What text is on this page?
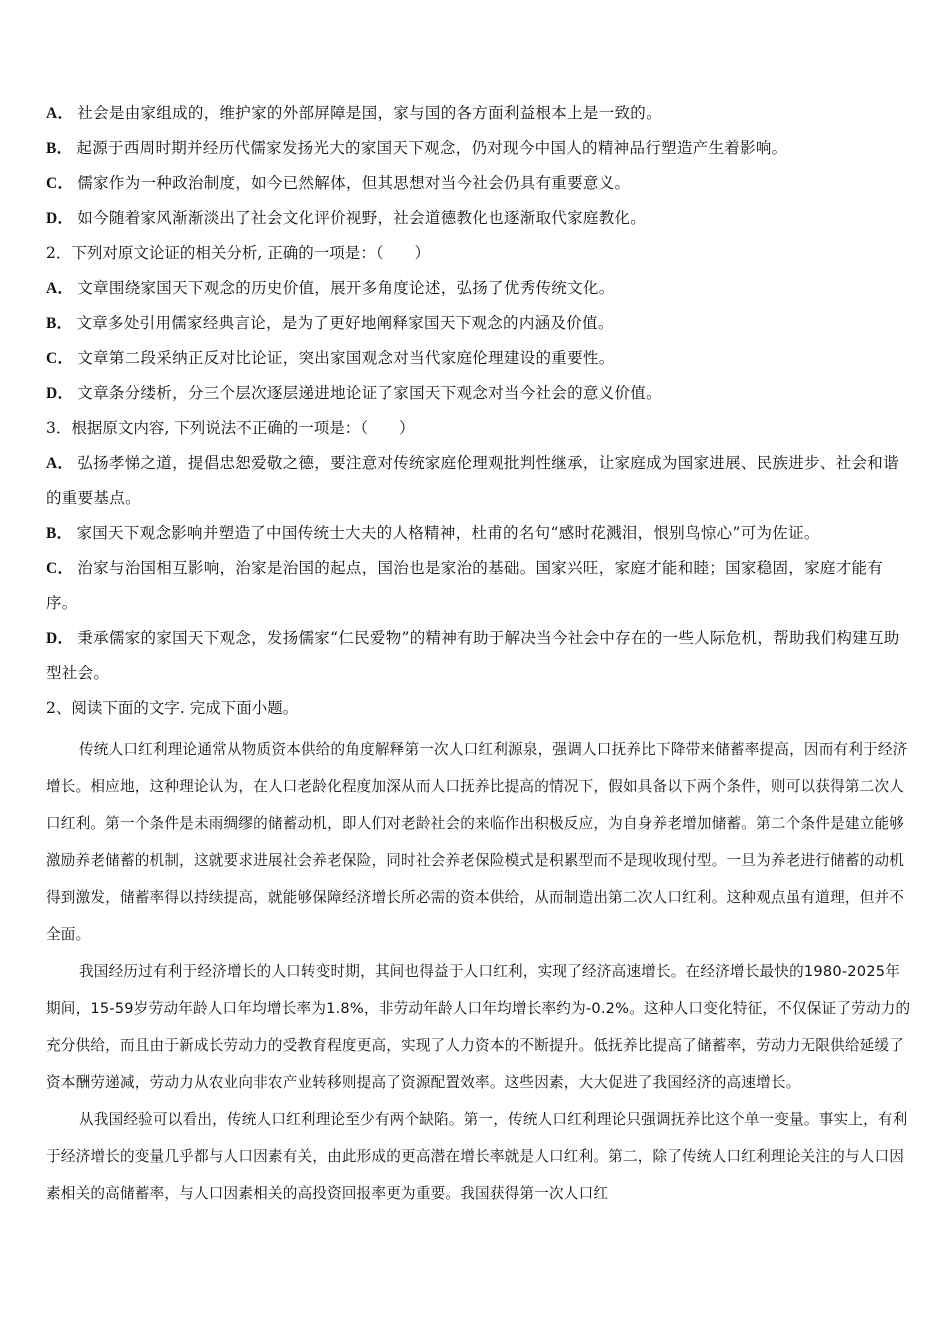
A． 社会是由家组成的，维护家的外部屏障是国，家与国的各方面利益根本上是一致的。
B． 起源于西周时期并经历代儒家发扬光大的家国天下观念，仍对现今中国人的精神品行塑造产生着影响。
C． 儒家作为一种政治制度，如今已然解体，但其思想对当今社会仍具有重要意义。
D． 如今随着家风渐渐淡出了社会文化评价视野，社会道德教化也逐渐取代家庭教化。
2．下列对原文论证的相关分析, 正确的一项是：（　　）
A． 文章围绕家国天下观念的历史价值，展开多角度论述，弘扬了优秀传统文化。
B． 文章多处引用儒家经典言论，是为了更好地阐释家国天下观念的内涵及价值。
C． 文章第二段采纳正反对比论证，突出家国观念对当代家庭伦理建设的重要性。
D． 文章条分缕析，分三个层次逐层递进地论证了家国天下观念对当今社会的意义价值。
3．根据原文内容, 下列说法不正确的一项是：（　　）
A． 弘扬孝悌之道，提倡忠恕爱敬之德，要注意对传统家庭伦理观批判性继承，让家庭成为国家进展、民族进步、社会和谐的重要基点。
B． 家国天下观念影响并塑造了中国传统士大夫的人格精神，杜甫的名句“感时花溅泪，恨别鸟惊心”可为佐证。
C． 治家与治国相互影响，治家是治国的起点，国治也是家治的基础。国家兴旺，家庭才能和睦；国家稳固，家庭才能有序。
D． 秉承儒家的家国天下观念，发扬儒家“仁民爱物”的精神有助于解决当今社会中存在的一些人际危机，帮助我们构建互助型社会。
2、阅读下面的文字. 完成下面小题。

传统人口红利理论通常从物质资本供给的角度解释第一次人口红利源泉，强调人口抚养比下降带来储蓄率提高，因而有利于经济增长。相应地，这种理论认为，在人口老龄化程度加深从而人口抚养比提高的情况下，假如具备以下两个条件，则可以获得第二次人口红利。第一个条件是未雨绸缪的储蓄动机，即人们对老龄社会的来临作出积极反应，为自身养老增加储蓄。第二个条件是建立能够激励养老储蓄的机制，这就要求进展社会养老保险，同时社会养老保险模式是积累型而不是现收现付型。一旦为养老进行储蓄的动机得到激发，储蓄率得以持续提高，就能够保障经济增长所必需的资本供给，从而制造出第二次人口红利。这种观点虽有道理，但并不全面。

我国经历过有利于经济增长的人口转变时期，其间也得益于人口红利，实现了经济高速增长。在经济增长最快的1980-2025年期间，15-59岁劳动年龄人口年均增长率为1.8%，非劳动年龄人口年均增长率约为-0.2%。这种人口变化特征，不仅保证了劳动力的充分供给，而且由于新成长劳动力的受教育程度更高，实现了人力资本的不断提升。低抚养比提高了储蓄率，劳动力无限供给延缓了资本酬劳递减，劳动力从农业向非农产业转移则提高了资源配置效率。这些因素，大大促进了我国经济的高速增长。

从我国经验可以看出，传统人口红利理论至少有两个缺陷。第一，传统人口红利理论只强调抚养比这个单一变量。事实上，有利于经济增长的变量几乎都与人口因素有关，由此形成的更高潜在增长率就是人口红利。第二，除了传统人口红利理论关注的与人口因素相关的高储蓄率，与人口因素相关的高投资回报率更为重要。我国获得第一次人口红
